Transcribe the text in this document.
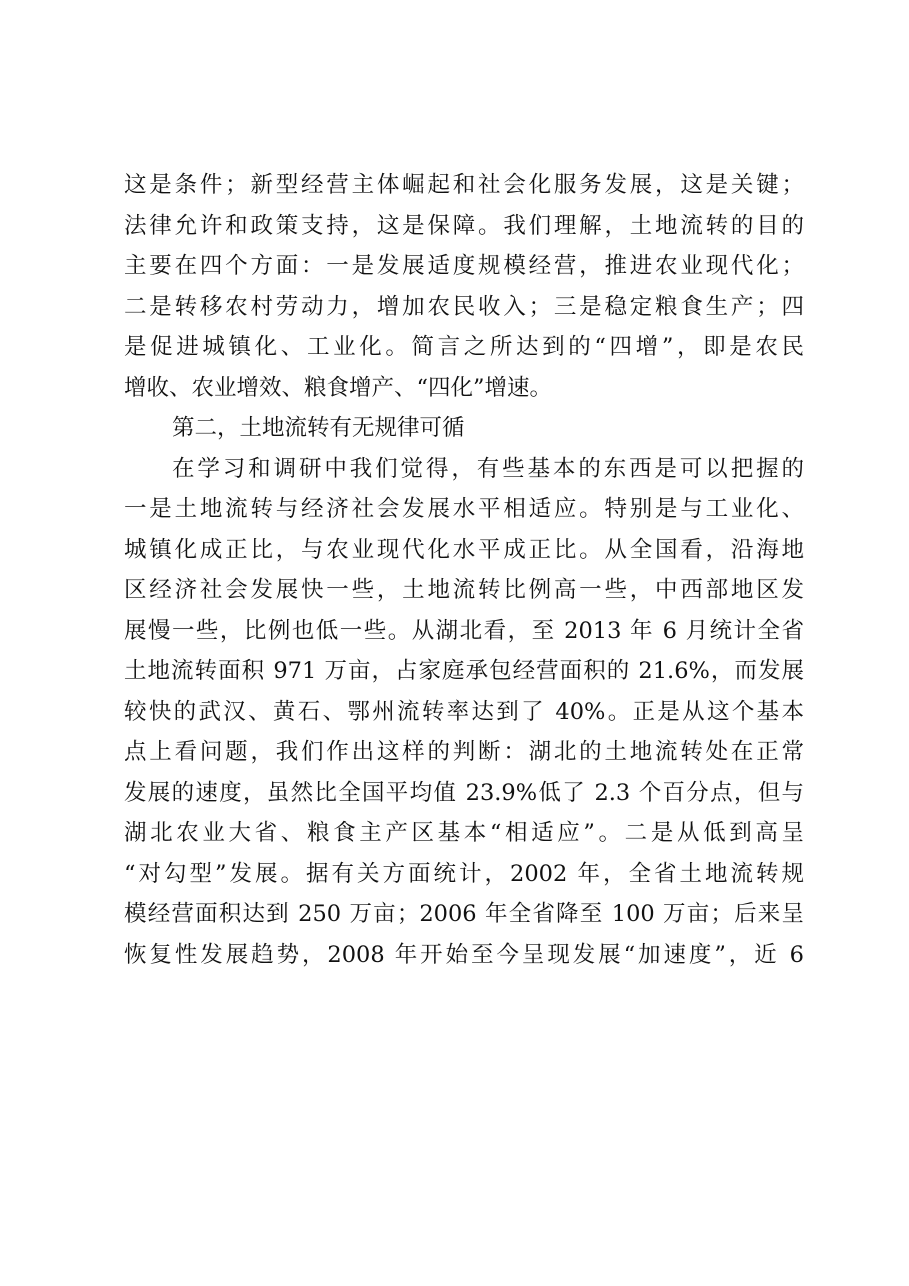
这是条件；新型经营主体崛起和社会化服务发展，这是关键；
法律允许和政策支持，这是保障。我们理解，土地流转的目的
主要在四个方面：一是发展适度规模经营，推进农业现代化；
二是转移农村劳动力，增加农民收入；三是稳定粮食生产；四
是促进城镇化、工业化。简言之所达到的“四增”，即是农民
增收、农业增效、粮食增产、“四化”增速。
第二，土地流转有无规律可循
在学习和调研中我们觉得，有些基本的东西是可以把握的
一是土地流转与经济社会发展水平相适应。特别是与工业化、
城镇化成正比，与农业现代化水平成正比。从全国看，沿海地
区经济社会发展快一些，土地流转比例高一些，中西部地区发
展慢一些，比例也低一些。从湖北看，至 2013 年 6 月统计全省
土地流转面积 971 万亩，占家庭承包经营面积的 21.6%，而发展
较快的武汉、黄石、鄂州流转率达到了 40%。正是从这个基本
点上看问题，我们作出这样的判断：湖北的土地流转处在正常
发展的速度，虽然比全国平均值 23.9%低了 2.3 个百分点，但与
湖北农业大省、粮食主产区基本“相适应”。二是从低到高呈
“对勾型”发展。据有关方面统计，2002 年，全省土地流转规
模经营面积达到 250 万亩；2006 年全省降至 100 万亩；后来呈
恢复性发展趋势，2008 年开始至今呈现发展“加速度”，近 6
